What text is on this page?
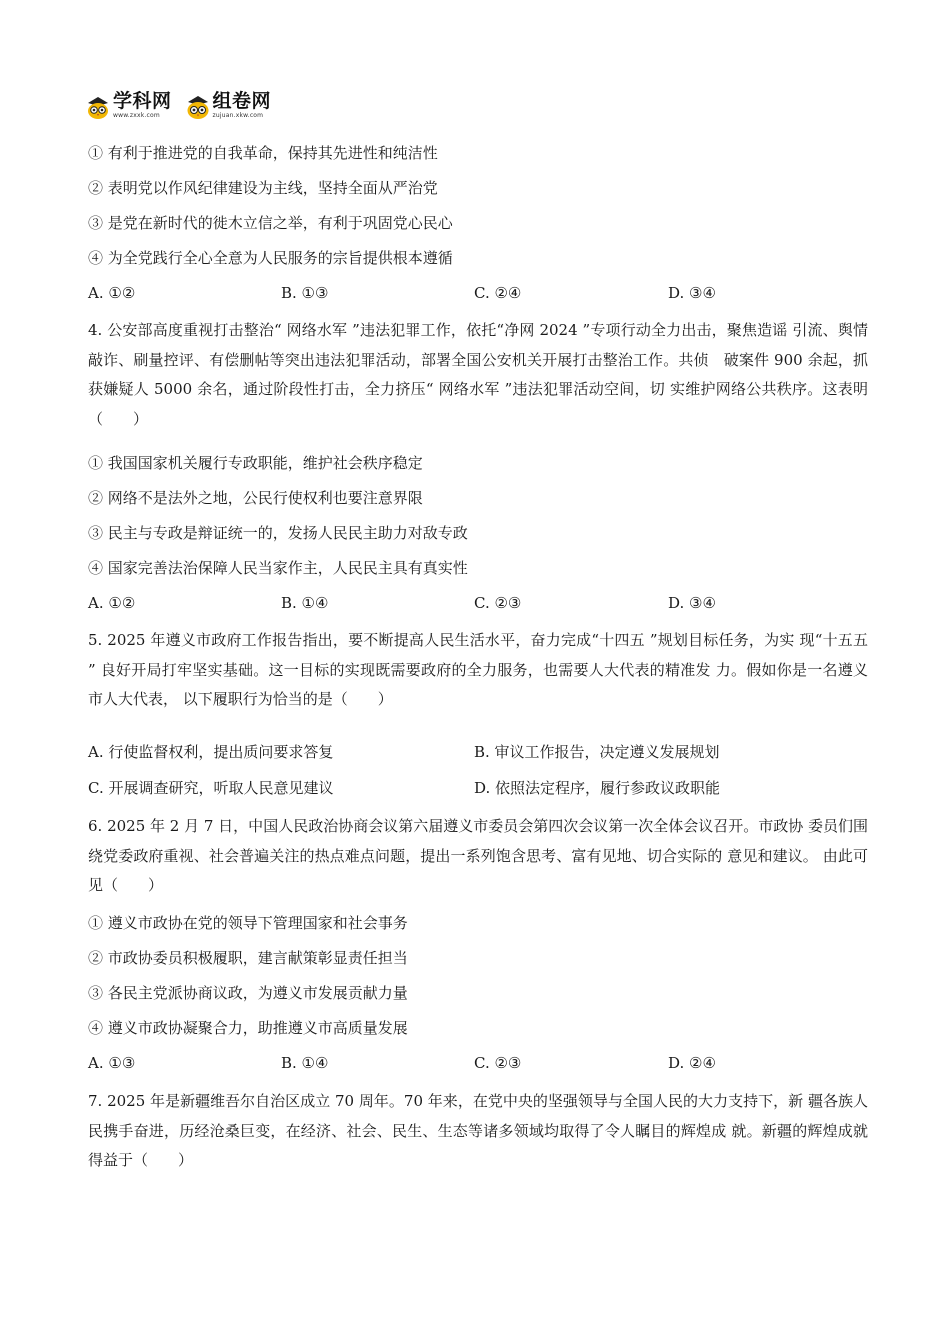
学科网
www.zxxk.com
组卷网
zujuan.xkw.com
① 有利于推进党的自我革命，保持其先进性和纯洁性
② 表明党以作风纪律建设为主线，坚持全面从严治党
③ 是党在新时代的徙木立信之举，有利于巩固党心民心
④ 为全党践行全心全意为人民服务的宗旨提供根本遵循
A. ①②	B. ①③	C. ②④	D. ③④
4. 公安部高度重视打击整治“ 网络水军 ”违法犯罪工作，依托“净网 2024 ”专项行动全力出击，聚焦造谣 引流、舆情敲诈、刷量控评、有偿删帖等突出违法犯罪活动，部署全国公安机关开展打击整治工作。共侦　破案件 900 余起，抓获嫌疑人 5000 余名，通过阶段性打击，全力挤压“ 网络水军 ”违法犯罪活动空间，切 实维护网络公共秩序。这表明（　　）
① 我国国家机关履行专政职能，维护社会秩序稳定
② 网络不是法外之地，公民行使权利也要注意界限
③ 民主与专政是辩证统一的，发扬人民民主助力对敌专政
④ 国家完善法治保障人民当家作主，人民民主具有真实性
A. ①②	B. ①④	C. ②③	D. ③④
5. 2025 年遵义市政府工作报告指出，要不断提高人民生活水平，奋力完成“十四五 ”规划目标任务，为实 现“十五五 ” 良好开局打牢坚实基础。这一目标的实现既需要政府的全力服务，也需要人大代表的精准发 力。假如你是一名遵义市人大代表， 以下履职行为恰当的是（　　）
A. 行使监督权利，提出质问要求答复	B. 审议工作报告，决定遵义发展规划
C. 开展调查研究，听取人民意见建议	D. 依照法定程序，履行参政议政职能
6. 2025 年 2 月 7 日，中国人民政治协商会议第六届遵义市委员会第四次会议第一次全体会议召开。市政协 委员们围绕党委政府重视、社会普遍关注的热点难点问题，提出一系列饱含思考、富有见地、切合实际的 意见和建议。 由此可见（　　）
① 遵义市政协在党的领导下管理国家和社会事务
② 市政协委员积极履职，建言献策彰显责任担当
③ 各民主党派协商议政，为遵义市发展贡献力量
④ 遵义市政协凝聚合力，助推遵义市高质量发展
A. ①③	B. ①④	C. ②③	D. ②④
7. 2025 年是新疆维吾尔自治区成立 70 周年。70 年来，在党中央的坚强领导与全国人民的大力支持下，新 疆各族人民携手奋进，历经沧桑巨变，在经济、社会、民生、生态等诸多领域均取得了令人瞩目的辉煌成 就。新疆的辉煌成就得益于（　　）
